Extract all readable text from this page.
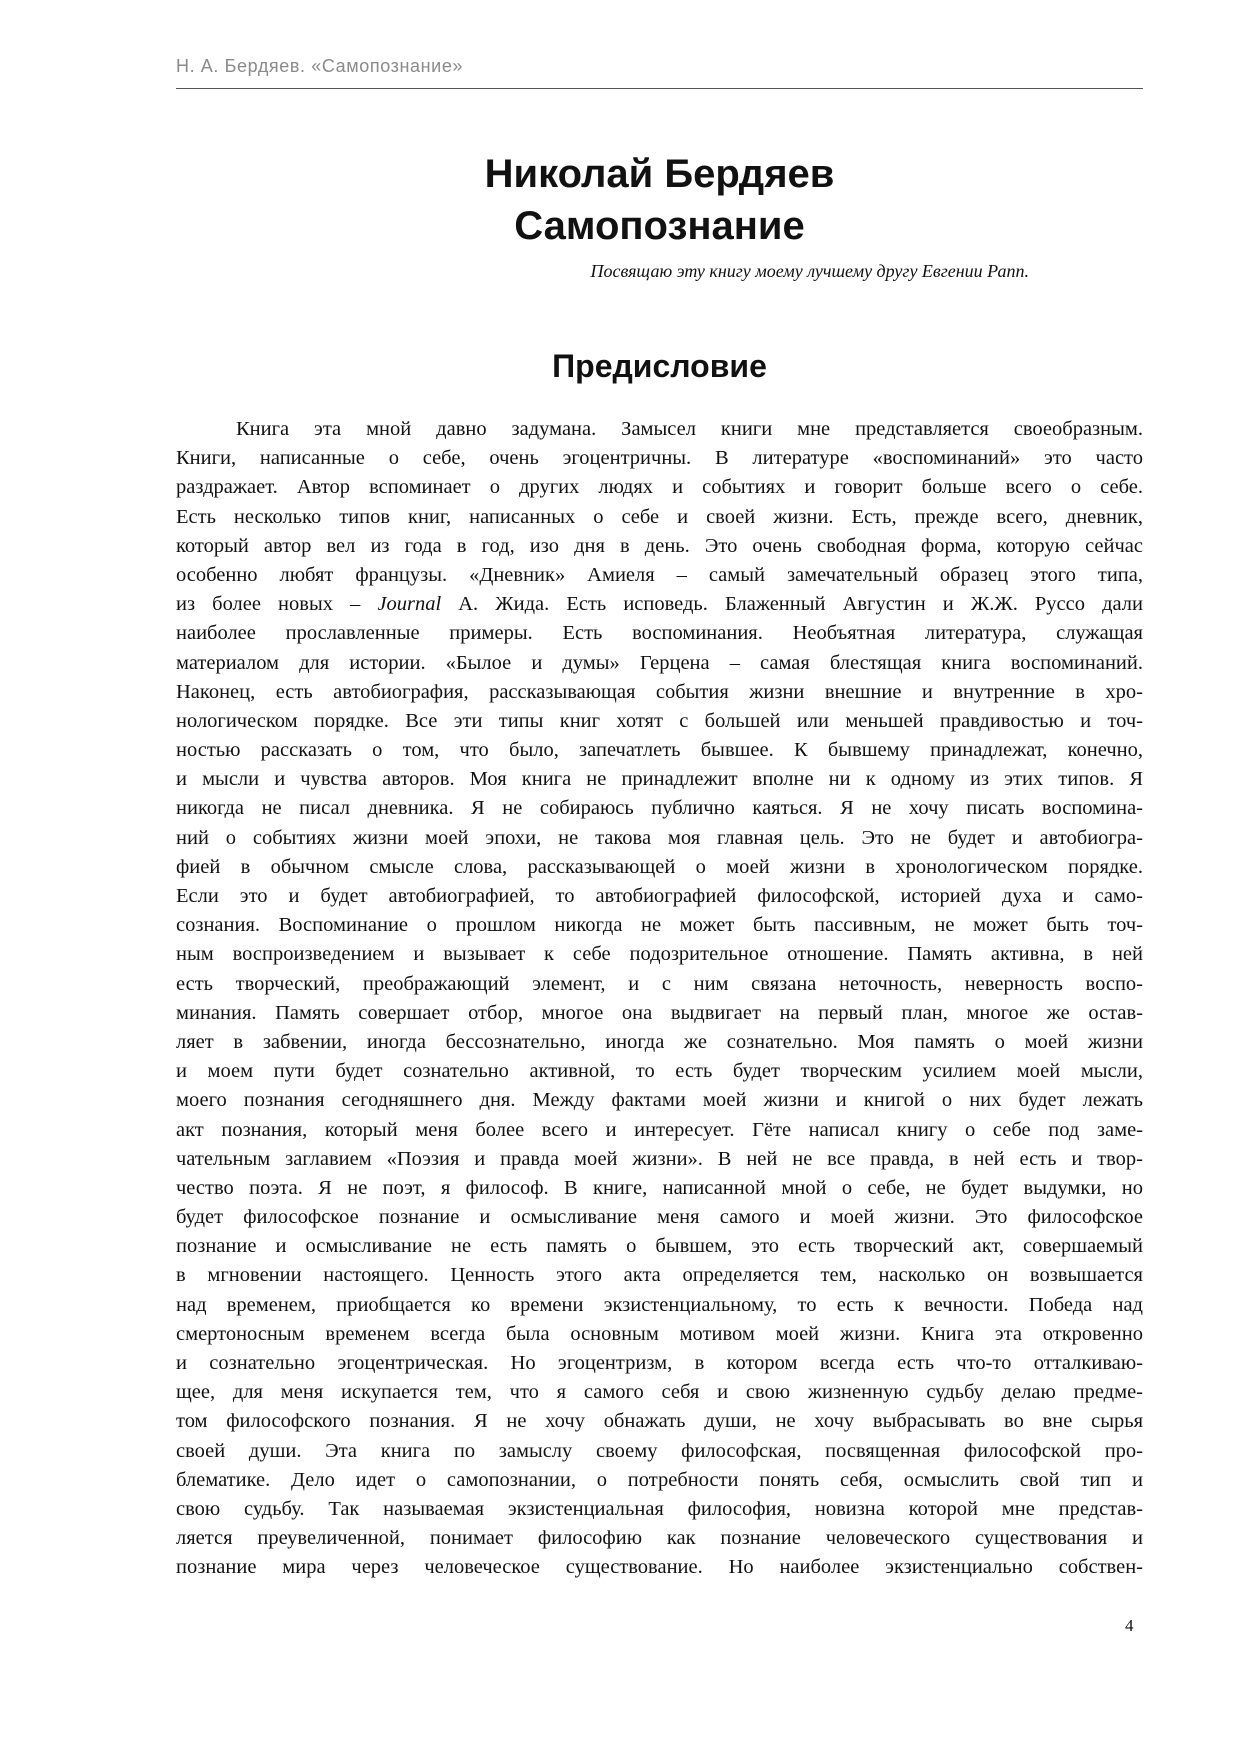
Н. А. Бердяев. «Самопознание»
Николай Бердяев
Самопознание
Посвящаю эту книгу моему лучшему другу Евгении Рапп.
Предисловие
Книга эта мной давно задумана. Замысел книги мне представляется своеобразным.
Книги, написанные о себе, очень эгоцентричны. В литературе «воспоминаний» это часто
раздражает. Автор вспоминает о других людях и событиях и говорит больше всего о себе.
Есть несколько типов книг, написанных о себе и своей жизни. Есть, прежде всего, дневник,
который автор вел из года в год, изо дня в день. Это очень свободная форма, которую сейчас
особенно любят французы. «Дневник» Амиеля – самый замечательный образец этого типа,
из более новых – Journal А. Жида. Есть исповедь. Блаженный Августин и Ж.Ж. Руссо дали
наиболее прославленные примеры. Есть воспоминания. Необъятная литература, служащая
материалом для истории. «Былое и думы» Герцена – самая блестящая книга воспоминаний.
Наконец, есть автобиография, рассказывающая события жизни внешние и внутренние в хро-
нологическом порядке. Все эти типы книг хотят с большей или меньшей правдивостью и точ-
ностью рассказать о том, что было, запечатлеть бывшее. К бывшему принадлежат, конечно,
и мысли и чувства авторов. Моя книга не принадлежит вполне ни к одному из этих типов. Я
никогда не писал дневника. Я не собираюсь публично каяться. Я не хочу писать воспомина-
ний о событиях жизни моей эпохи, не такова моя главная цель. Это не будет и автобиогра-
фией в обычном смысле слова, рассказывающей о моей жизни в хронологическом порядке.
Если это и будет автобиографией, то автобиографией философской, историей духа и само-
сознания. Воспоминание о прошлом никогда не может быть пассивным, не может быть точ-
ным воспроизведением и вызывает к себе подозрительное отношение. Память активна, в ней
есть творческий, преображающий элемент, и с ним связана неточность, неверность воспо-
минания. Память совершает отбор, многое она выдвигает на первый план, многое же остав-
ляет в забвении, иногда бессознательно, иногда же сознательно. Моя память о моей жизни
и моем пути будет сознательно активной, то есть будет творческим усилием моей мысли,
моего познания сегодняшнего дня. Между фактами моей жизни и книгой о них будет лежать
акт познания, который меня более всего и интересует. Гёте написал книгу о себе под заме-
чательным заглавием «Поэзия и правда моей жизни». В ней не все правда, в ней есть и твор-
чество поэта. Я не поэт, я философ. В книге, написанной мной о себе, не будет выдумки, но
будет философское познание и осмысливание меня самого и моей жизни. Это философское
познание и осмысливание не есть память о бывшем, это есть творческий акт, совершаемый
в мгновении настоящего. Ценность этого акта определяется тем, насколько он возвышается
над временем, приобщается ко времени экзистенциальному, то есть к вечности. Победа над
смертоносным временем всегда была основным мотивом моей жизни. Книга эта откровенно
и сознательно эгоцентрическая. Но эгоцентризм, в котором всегда есть что-то отталкиваю-
щее, для меня искупается тем, что я самого себя и свою жизненную судьбу делаю предме-
том философского познания. Я не хочу обнажать души, не хочу выбрасывать во вне сырья
своей души. Эта книга по замыслу своему философская, посвященная философской про-
блематике. Дело идет о самопознании, о потребности понять себя, осмыслить свой тип и
свою судьбу. Так называемая экзистенциальная философия, новизна которой мне представ-
ляется преувеличенной, понимает философию как познание человеческого существования и
познание мира через человеческое существование. Но наиболее экзистенциально собствен-
4
